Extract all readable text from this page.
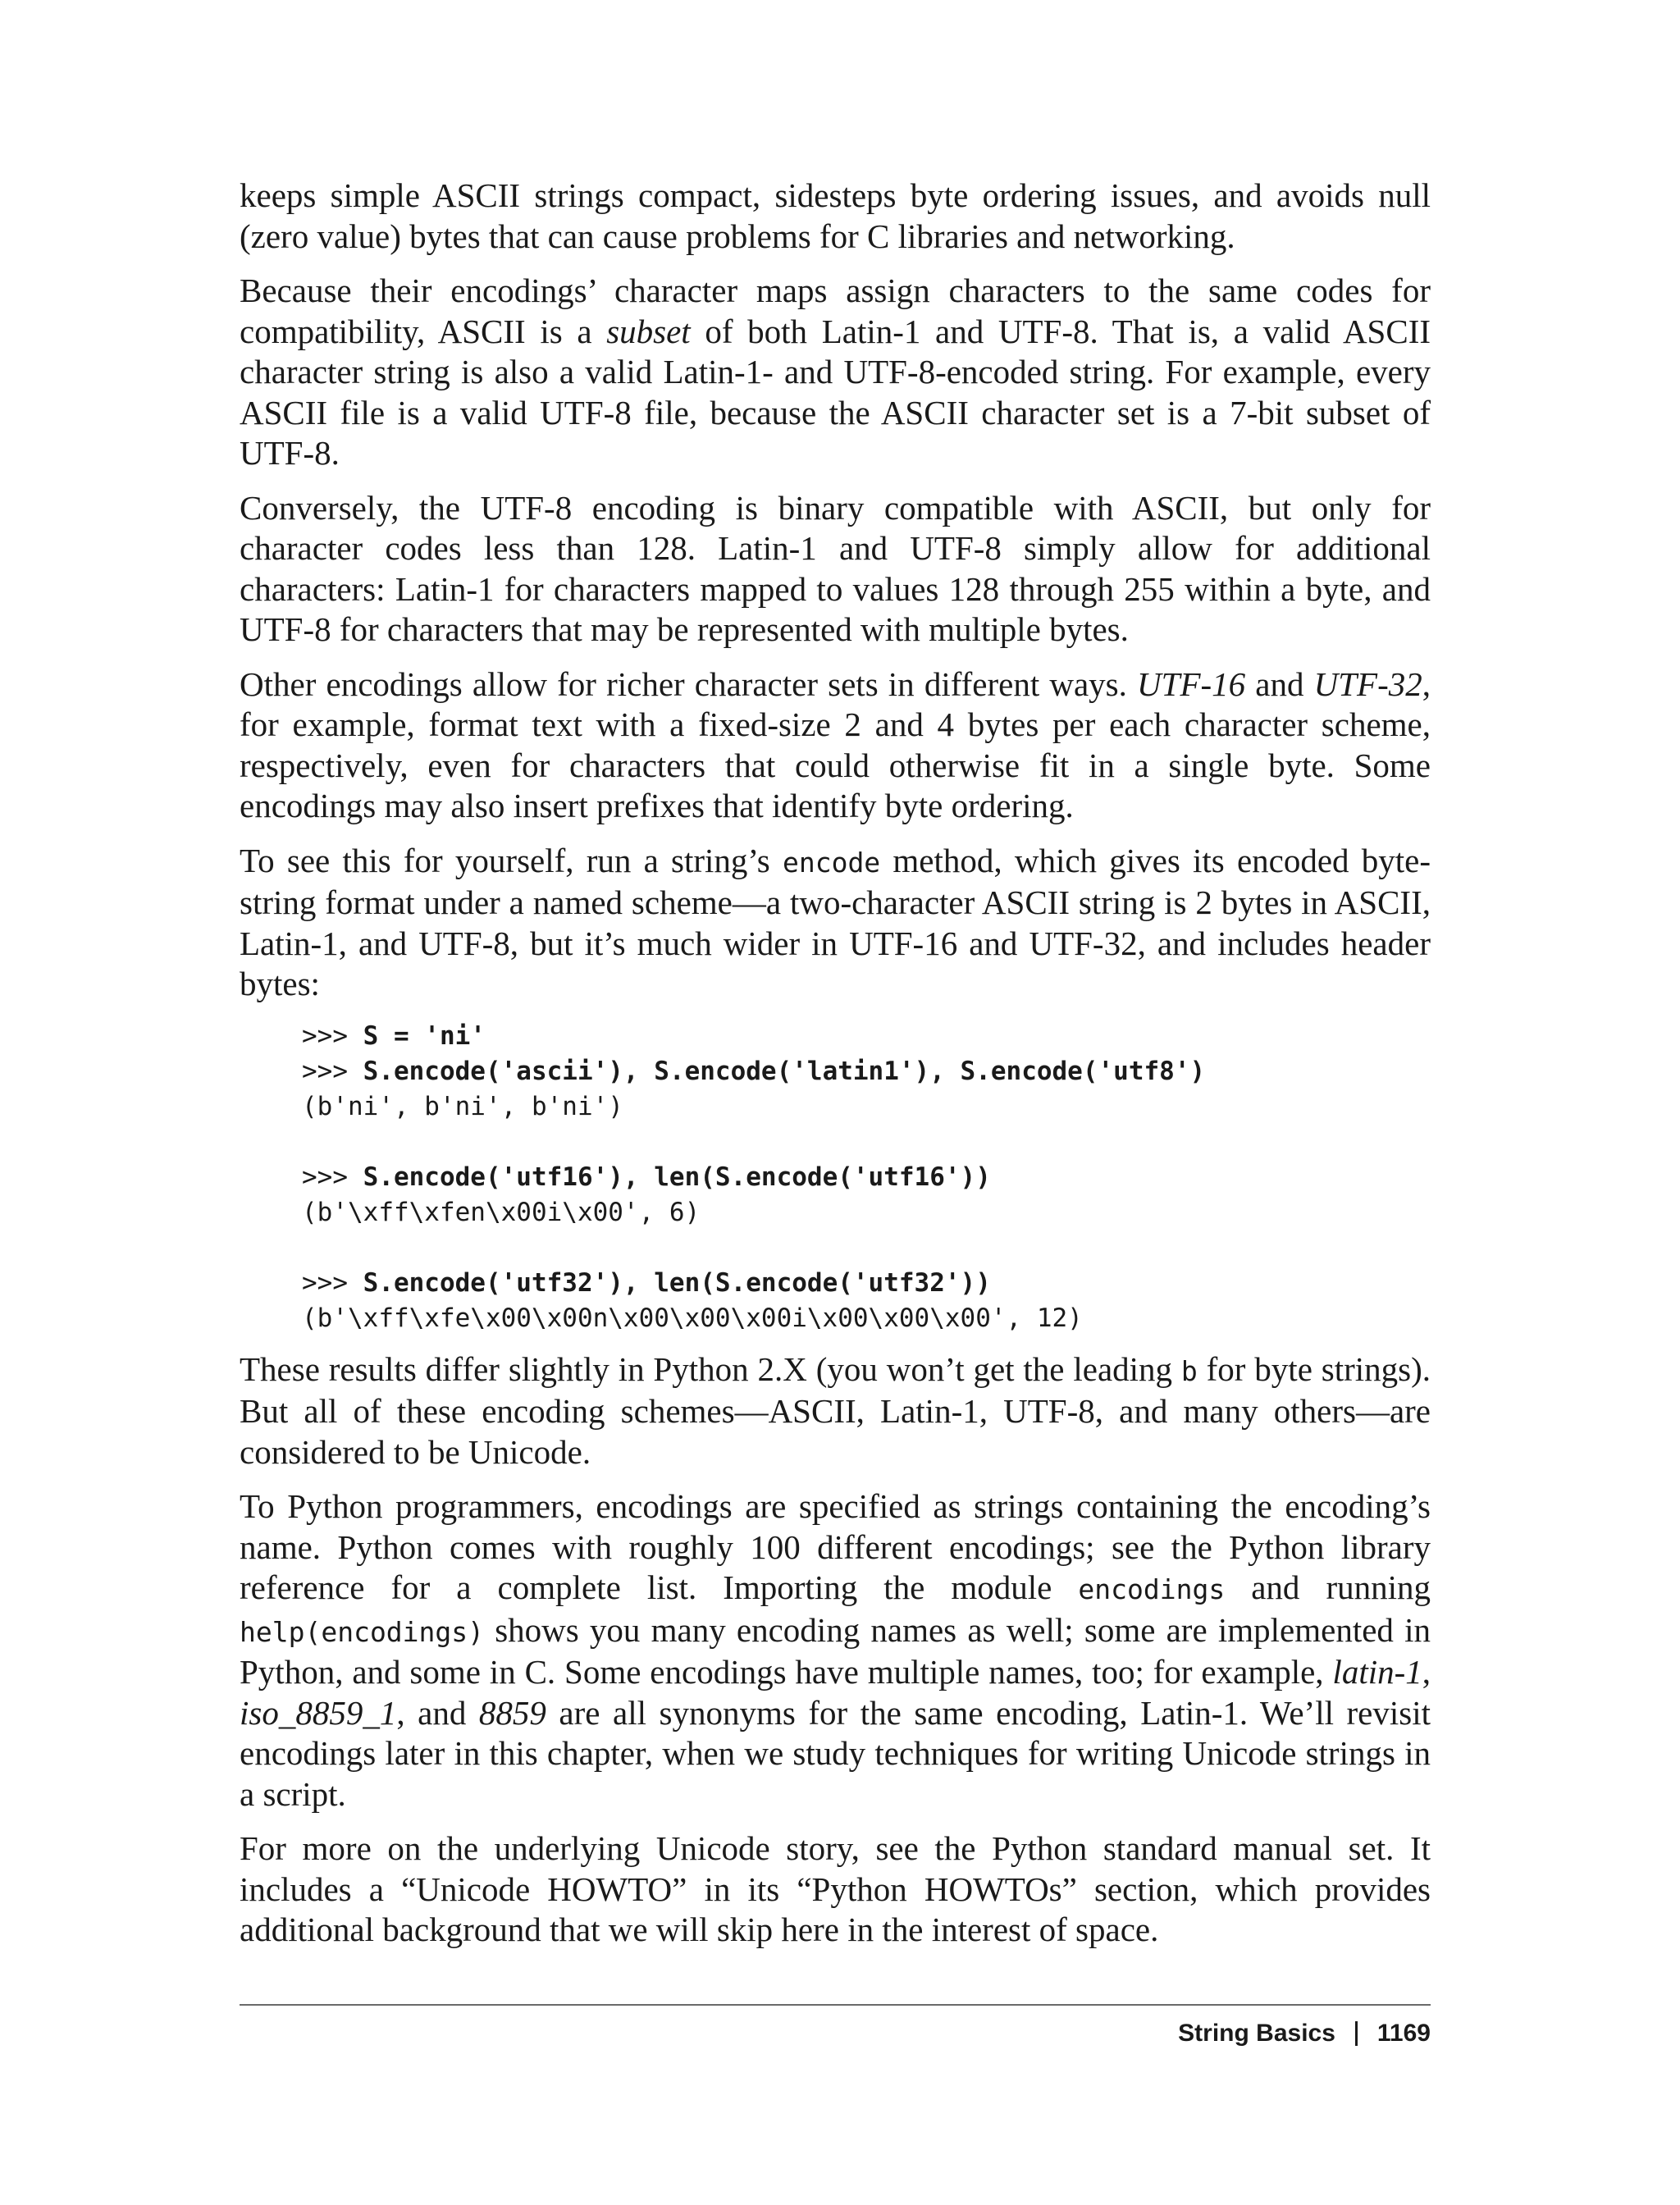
keeps simple ASCII strings compact, sidesteps byte ordering issues, and avoids null (zero value) bytes that can cause problems for C libraries and networking.

Because their encodings’ character maps assign characters to the same codes for compatibility, ASCII is a subset of both Latin-1 and UTF-8. That is, a valid ASCII character string is also a valid Latin-1- and UTF-8-encoded string. For example, every ASCII file is a valid UTF-8 file, because the ASCII character set is a 7-bit subset of UTF-8.

Conversely, the UTF-8 encoding is binary compatible with ASCII, but only for character codes less than 128. Latin-1 and UTF-8 simply allow for additional characters: Latin-1 for characters mapped to values 128 through 255 within a byte, and UTF-8 for characters that may be represented with multiple bytes.

Other encodings allow for richer character sets in different ways. UTF-16 and UTF-32, for example, format text with a fixed-size 2 and 4 bytes per each character scheme, respectively, even for characters that could otherwise fit in a single byte. Some encodings may also insert prefixes that identify byte ordering.

To see this for yourself, run a string’s encode method, which gives its encoded byte-string format under a named scheme—a two-character ASCII string is 2 bytes in ASCII, Latin-1, and UTF-8, but it’s much wider in UTF-16 and UTF-32, and includes header bytes:

>>> S = 'ni'
>>> S.encode('ascii'), S.encode('latin1'), S.encode('utf8')
(b'ni', b'ni', b'ni')
>>> S.encode('utf16'), len(S.encode('utf16'))
(b'\xff\xfen\x00i\x00', 6)
>>> S.encode('utf32'), len(S.encode('utf32'))
(b'\xff\xfe\x00\x00n\x00\x00\x00i\x00\x00\x00', 12)

These results differ slightly in Python 2.X (you won’t get the leading b for byte strings). But all of these encoding schemes—ASCII, Latin-1, UTF-8, and many others—are considered to be Unicode.

To Python programmers, encodings are specified as strings containing the encoding’s name. Python comes with roughly 100 different encodings; see the Python library reference for a complete list. Importing the module encodings and running help(encodings) shows you many encoding names as well; some are implemented in Python, and some in C. Some encodings have multiple names, too; for example, latin-1, iso_8859_1, and 8859 are all synonyms for the same encoding, Latin-1. We’ll revisit encodings later in this chapter, when we study techniques for writing Unicode strings in a script.

For more on the underlying Unicode story, see the Python standard manual set. It includes a “Unicode HOWTO” in its “Python HOWTOs” section, which provides additional background that we will skip here in the interest of space.

String Basics 1169
